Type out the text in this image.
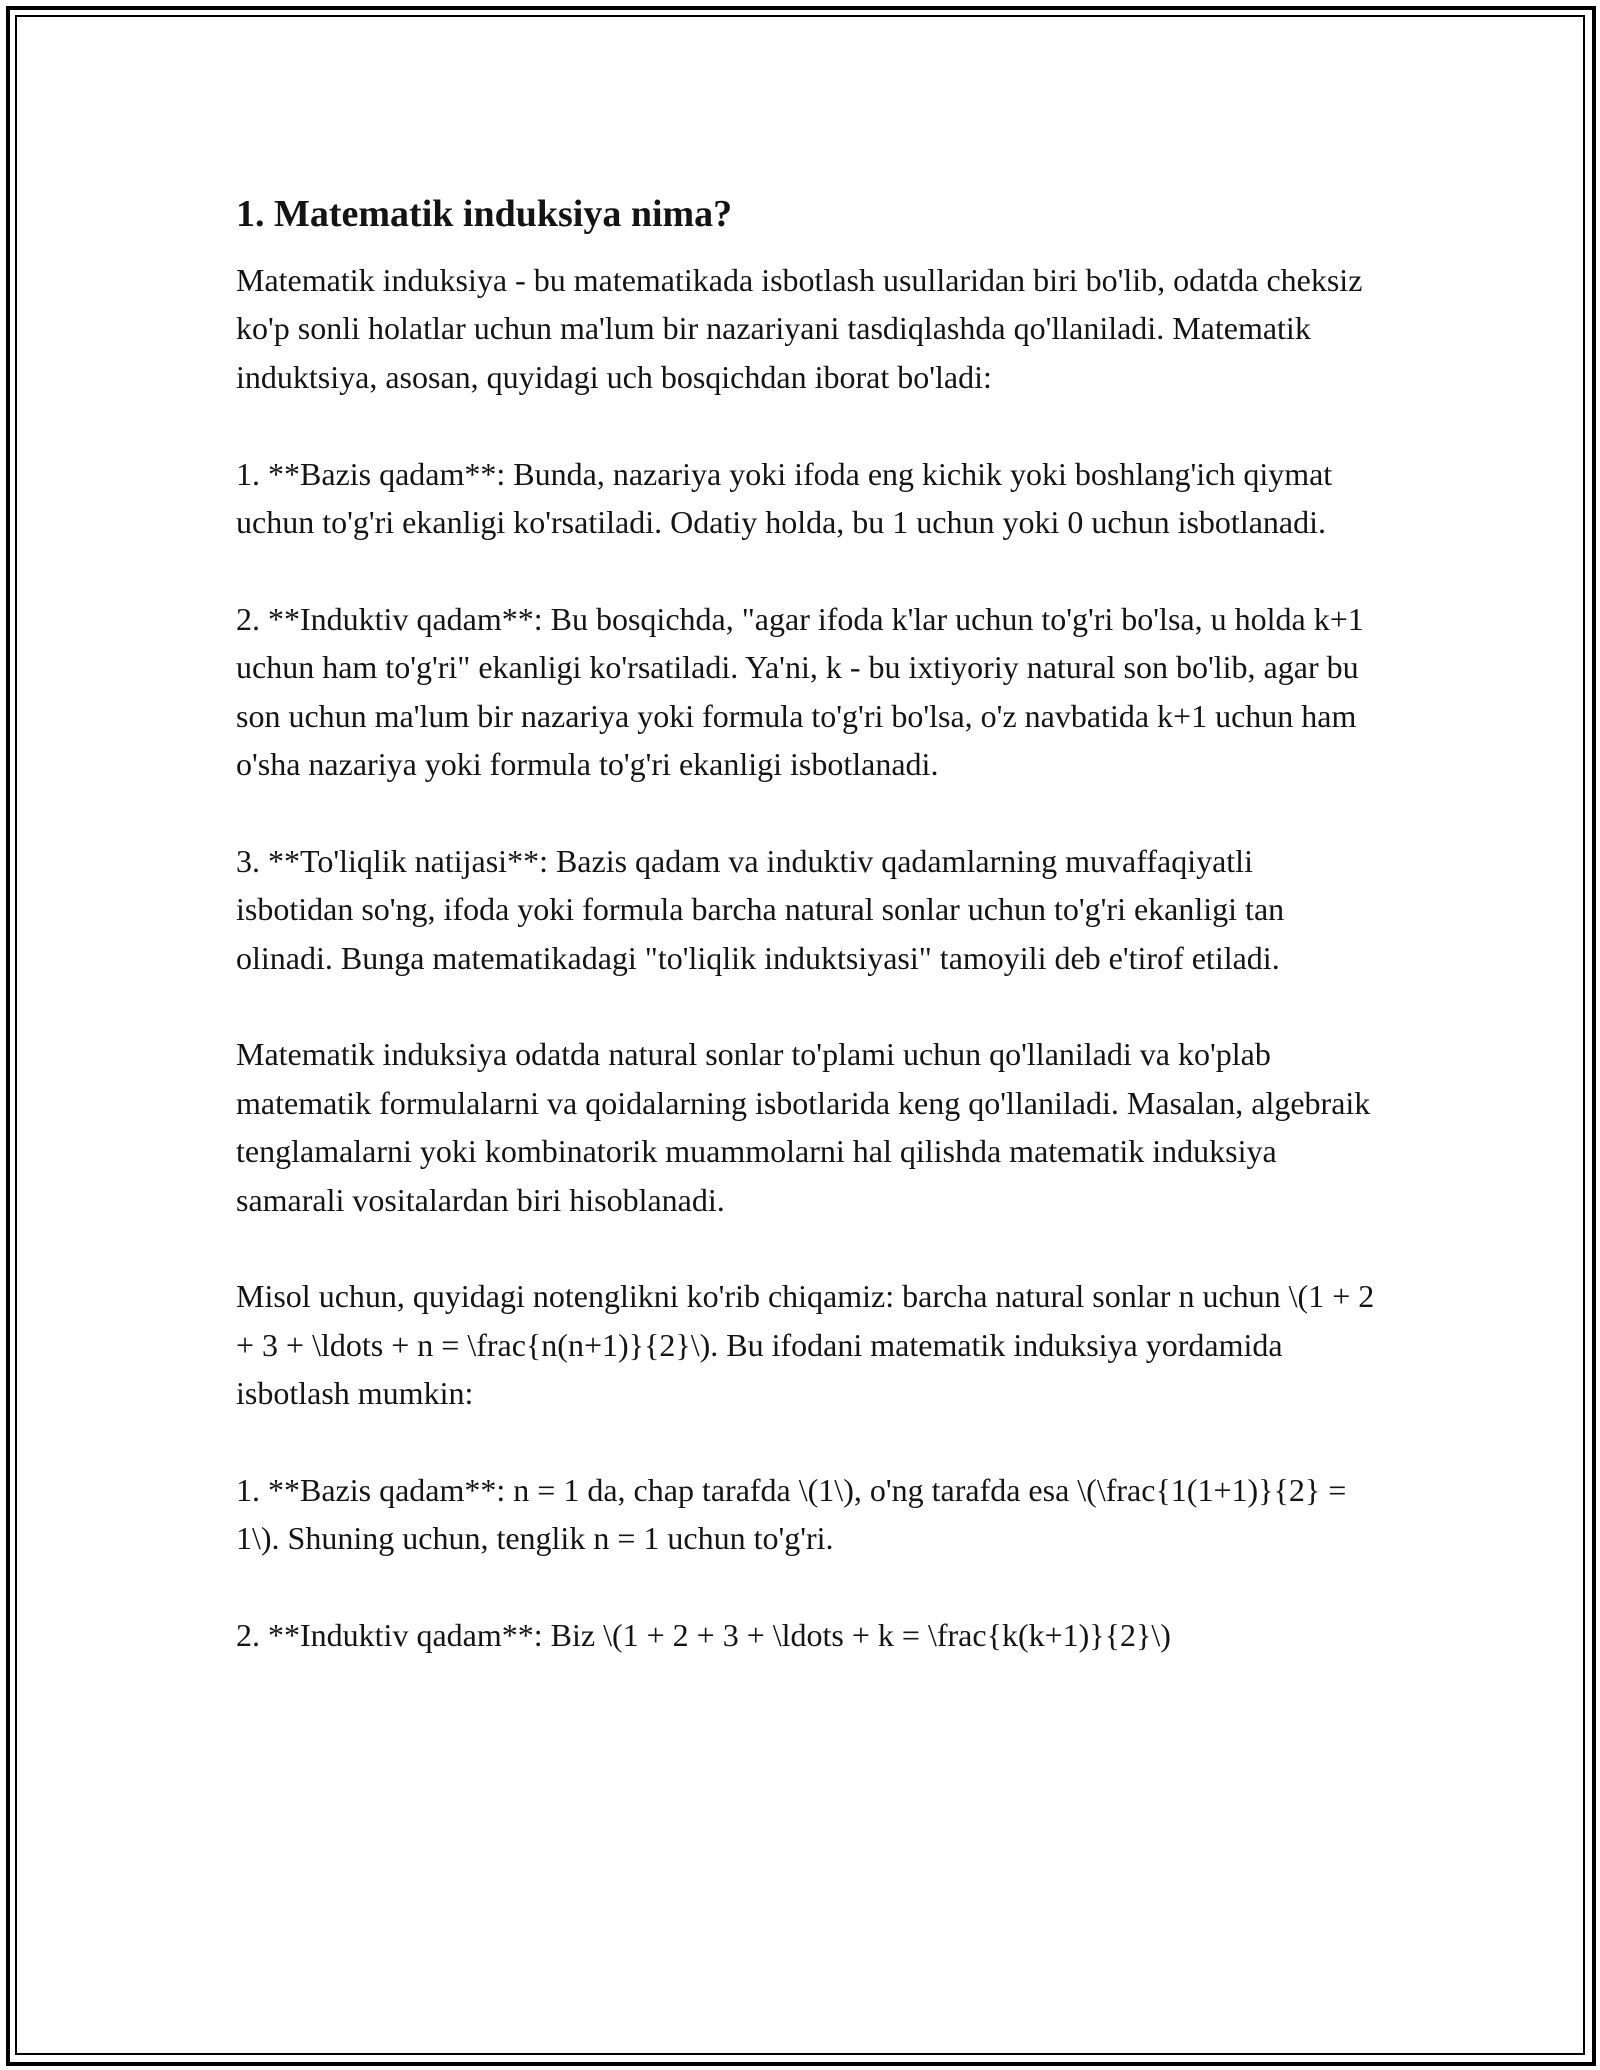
1. Matematik induksiya nima?

Matematik induksiya - bu matematikada isbotlash usullaridan biri bo'lib, odatda cheksiz ko'p sonli holatlar uchun ma'lum bir nazariyani tasdiqlashda qo'llaniladi. Matematik induktsiya, asosan, quyidagi uch bosqichdan iborat bo'ladi:

1. **Bazis qadam**: Bunda, nazariya yoki ifoda eng kichik yoki boshlang'ich qiymat uchun to'g'ri ekanligi ko'rsatiladi. Odatiy holda, bu 1 uchun yoki 0 uchun isbotlanadi.

2. **Induktiv qadam**: Bu bosqichda, "agar ifoda k'lar uchun to'g'ri bo'lsa, u holda k+1 uchun ham to'g'ri" ekanligi ko'rsatiladi. Ya'ni, k - bu ixtiyoriy natural son bo'lib, agar bu son uchun ma'lum bir nazariya yoki formula to'g'ri bo'lsa, o'z navbatida k+1 uchun ham o'sha nazariya yoki formula to'g'ri ekanligi isbotlanadi.

3. **To'liqlik natijasi**: Bazis qadam va induktiv qadamlarning muvaffaqiyatli isbotidan so'ng, ifoda yoki formula barcha natural sonlar uchun to'g'ri ekanligi tan olinadi. Bunga matematikadagi "to'liqlik induktsiyasi" tamoyili deb e'tirof etiladi.

Matematik induksiya odatda natural sonlar to'plami uchun qo'llaniladi va ko'plab matematik formulalarni va qoidalarning isbotlarida keng qo'llaniladi. Masalan, algebraik tenglamalarni yoki kombinatorik muammolarni hal qilishda matematik induksiya samarali vositalardan biri hisoblanadi.

Misol uchun, quyidagi notenglikni ko'rib chiqamiz: barcha natural sonlar n uchun \(1 + 2 + 3 + \ldots + n = \frac{n(n+1)}{2}\). Bu ifodani matematik induksiya yordamida isbotlash mumkin:

1. **Bazis qadam**: n = 1 da, chap tarafda \(1\), o'ng tarafda esa \(\frac{1(1+1)}{2} = 1\). Shuning uchun, tenglik n = 1 uchun to'g'ri.

2. **Induktiv qadam**: Biz \(1 + 2 + 3 + \ldots + k = \frac{k(k+1)}{2}\)
